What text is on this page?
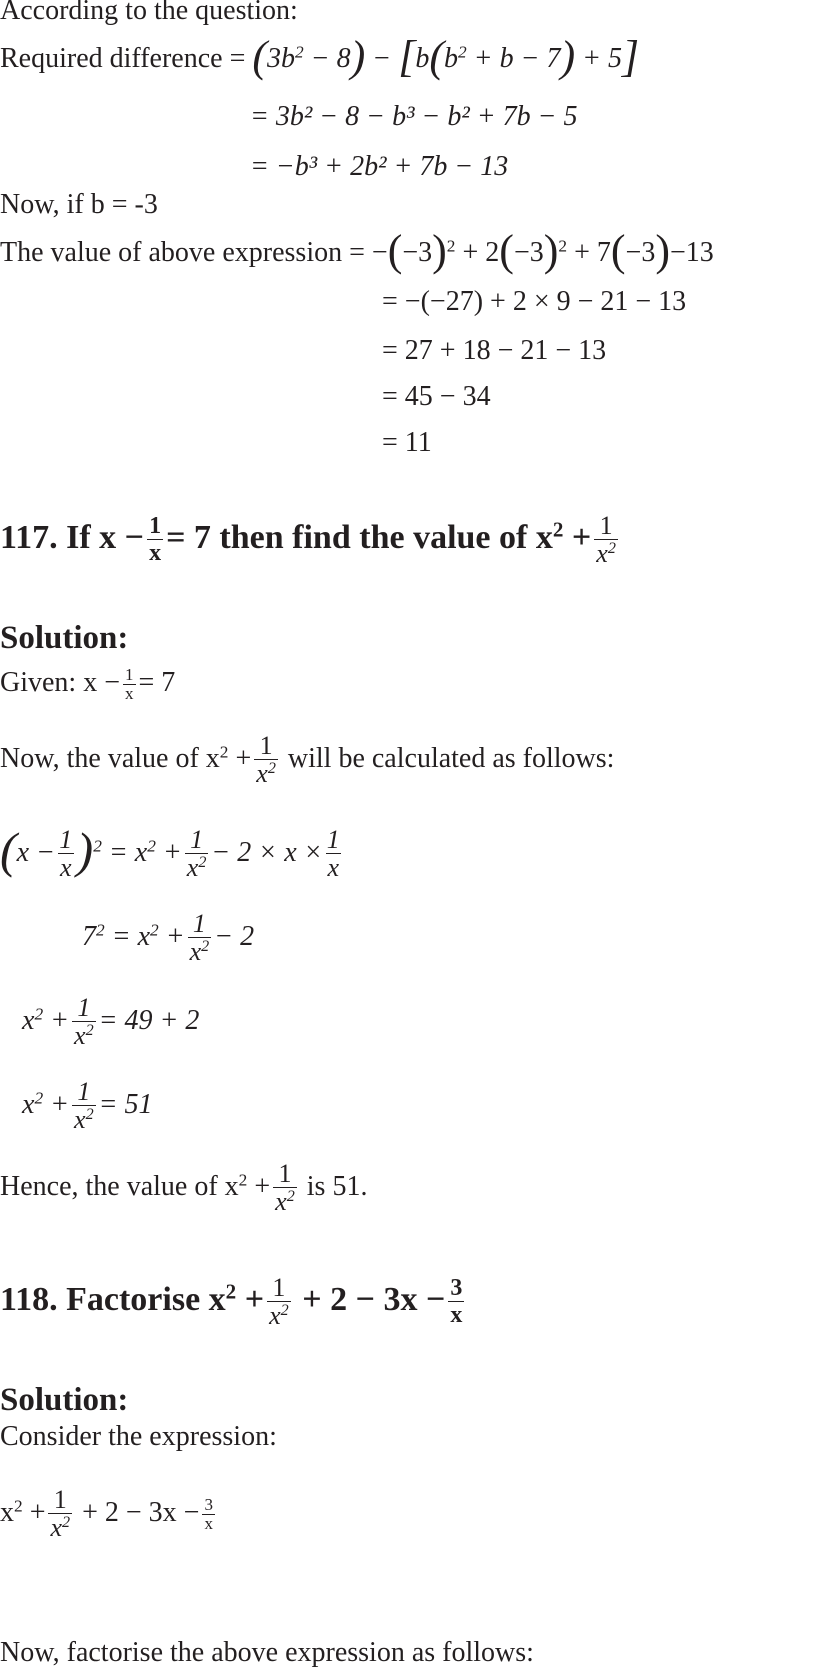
According to the question:
Required difference = $(3b^2 - 8) - [b(b^2 + b - 7) + 5]$
= 3b² − 8 − b³ − b² + 7b − 5
= −b³ + 2b² + 7b − 13
Now, if b = -3
The value of above expression = $-(-3)^2 + 2(-3)^2 + 7(-3)-13$
= −(−27) + 2 × 9 − 21 − 13
= 27 + 18 − 21 − 13
= 45 − 34
= 11
117. If $x - \frac{1}{x} = 7$ then find the value of $x^2 + \frac{1}{x^2}$
Solution:
Given: $x - \frac{1}{x} = 7$
Now, the value of $x^2 + \frac{1}{x^2}$ will be calculated as follows:
$(x - \frac{1}{x} )^2 = x^2 + \frac{1}{x^2} - 2 \times x \times \frac{1}{x}$
$7^2 = x^2 + \frac{1}{x^2} - 2$
$x^2 + \frac{1}{x^2} = 49 + 2$
$x^2 + \frac{1}{x^2} = 51$
Hence, the value of $x^2 + \frac{1}{x^2}$ is 51.
118. Factorise $x^2 + \frac{1}{x^2} + 2 - 3x - \frac{3}{x}$
Solution:
Consider the expression:
$x^2 + \frac{1}{x^2} + 2 - 3x - \frac{3}{x}$
Now, factorise the above expression as follows:
